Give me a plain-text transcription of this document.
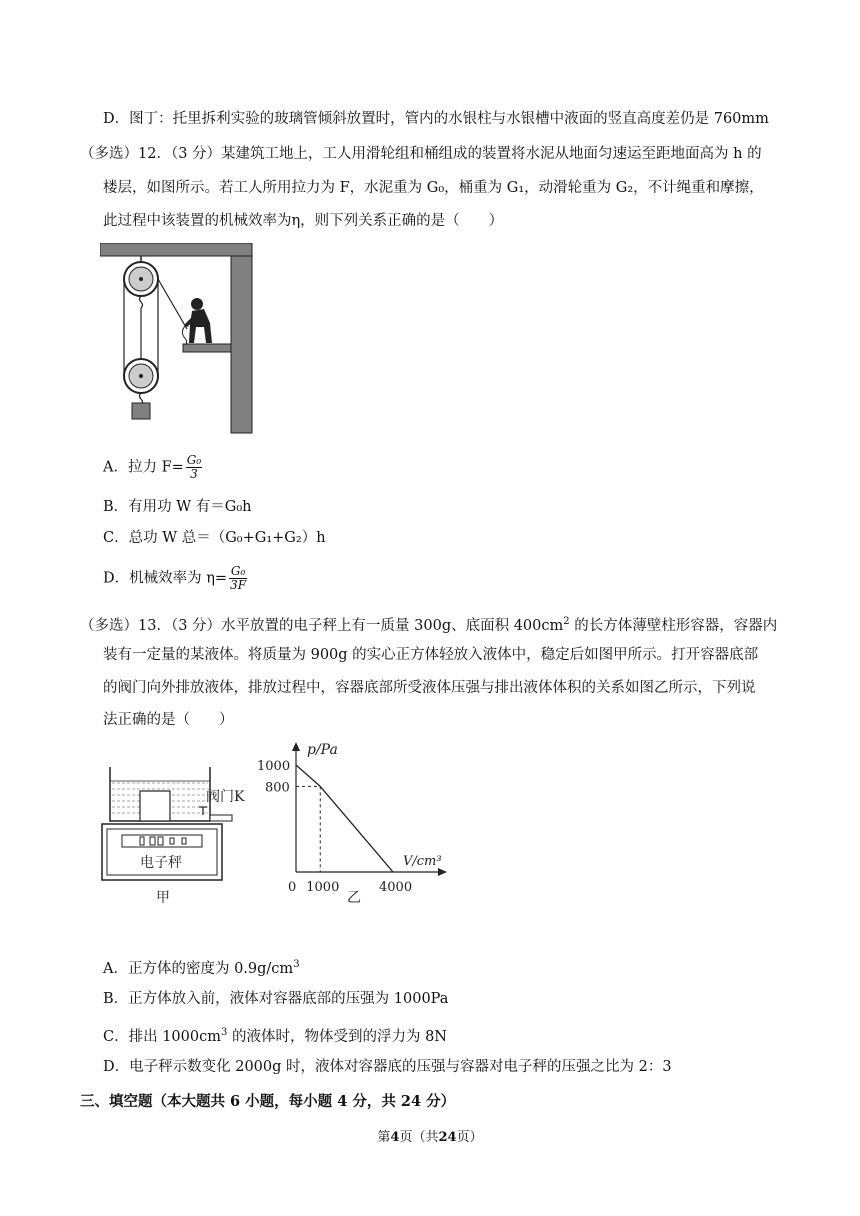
D．图丁：托里拆利实验的玻璃管倾斜放置时，管内的水银柱与水银槽中液面的竖直高度差仍是 760mm
（多选）12．（3 分）某建筑工地上，工人用滑轮组和桶组成的装置将水泥从地面匀速运至距地面高为 h 的
楼层，如图所示。若工人所用拉力为 F，水泥重为 G₀，桶重为 G₁，动滑轮重为 G₂，不计绳重和摩擦，
此过程中该装置的机械效率为η，则下列关系正确的是（　　）
A．拉力 $F= \frac{\text{G₀}}{3}$
B．有用功 W 有＝G₀h
C．总功 W 总＝（G₀+G₁+G₂）h
D．机械效率为 $\eta= \frac{\text{G₀}}{3F}$
（多选）13．（3 分）水平放置的电子秤上有一质量 300g、底面积 $400cm^2$ 的长方体薄壁柱形容器，容器内
装有一定量的某液体。将质量为 900g 的实心正方体轻放入液体中，稳定后如图甲所示。打开容器底部
的阀门向外排放液体，排放过程中，容器底部所受液体压强与排出液体体积的关系如图乙所示，下列说
法正确的是（　　）
阀门K
电子秤
甲
p/Pa
V/cm³
0 1000	4000
1000
800
乙
A．正方体的密度为 $0.9g/cm^3$
B．正方体放入前，液体对容器底部的压强为 1000Pa
C．排出 $1000cm^3$ 的液体时，物体受到的浮力为 8N
D．电子秤示数变化 2000g 时，液体对容器底的压强与容器对电子秤的压强之比为 2：3
三、填空题（本大题共 6 小题，每小题 4 分，共 24 分）
第4页（共24页）
